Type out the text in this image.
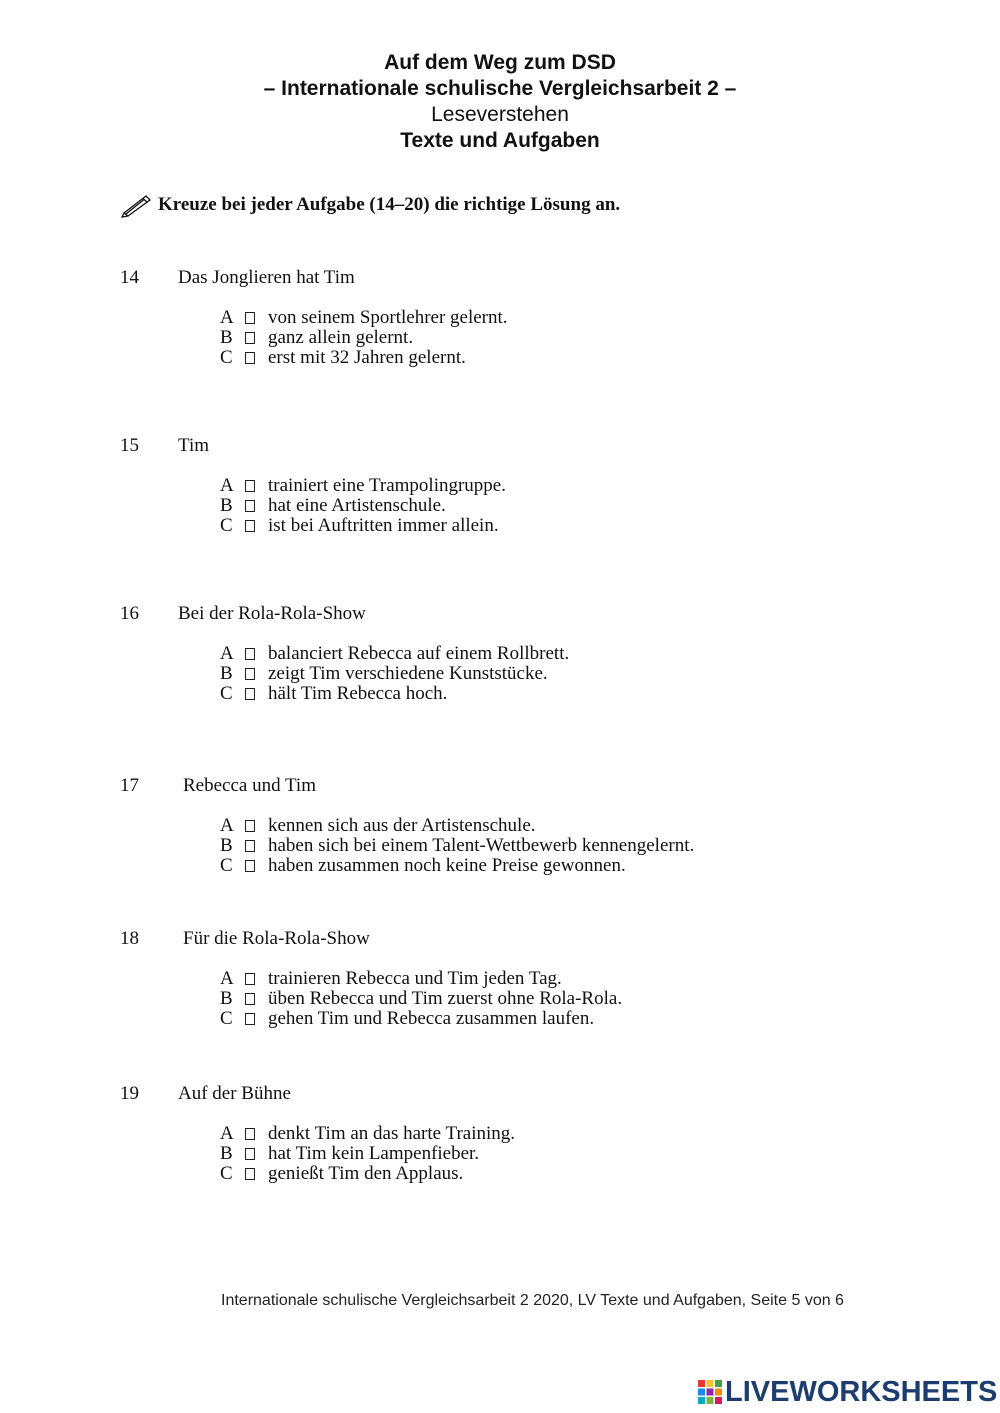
Auf dem Weg zum DSD
– Internationale schulische Vergleichsarbeit 2 –
Leseverstehen
Texte und Aufgaben
Kreuze bei jeder Aufgabe (14–20) die richtige Lösung an.
14 Das Jonglieren hat Tim
A von seinem Sportlehrer gelernt.
B ganz allein gelernt.
C erst mit 32 Jahren gelernt.
15 Tim
A trainiert eine Trampolingruppe.
B hat eine Artistenschule.
C ist bei Auftritten immer allein.
16 Bei der Rola-Rola-Show
A balanciert Rebecca auf einem Rollbrett.
B zeigt Tim verschiedene Kunststücke.
C hält Tim Rebecca hoch.
17 Rebecca und Tim
A kennen sich aus der Artistenschule.
B haben sich bei einem Talent-Wettbewerb kennengelernt.
C haben zusammen noch keine Preise gewonnen.
18 Für die Rola-Rola-Show
A trainieren Rebecca und Tim jeden Tag.
B üben Rebecca und Tim zuerst ohne Rola-Rola.
C gehen Tim und Rebecca zusammen laufen.
19 Auf der Bühne
A denkt Tim an das harte Training.
B hat Tim kein Lampenfieber.
C genießt Tim den Applaus.
Internationale schulische Vergleichsarbeit 2 2020, LV Texte und Aufgaben, Seite 5 von 6
LIVEWORKSHEETS
